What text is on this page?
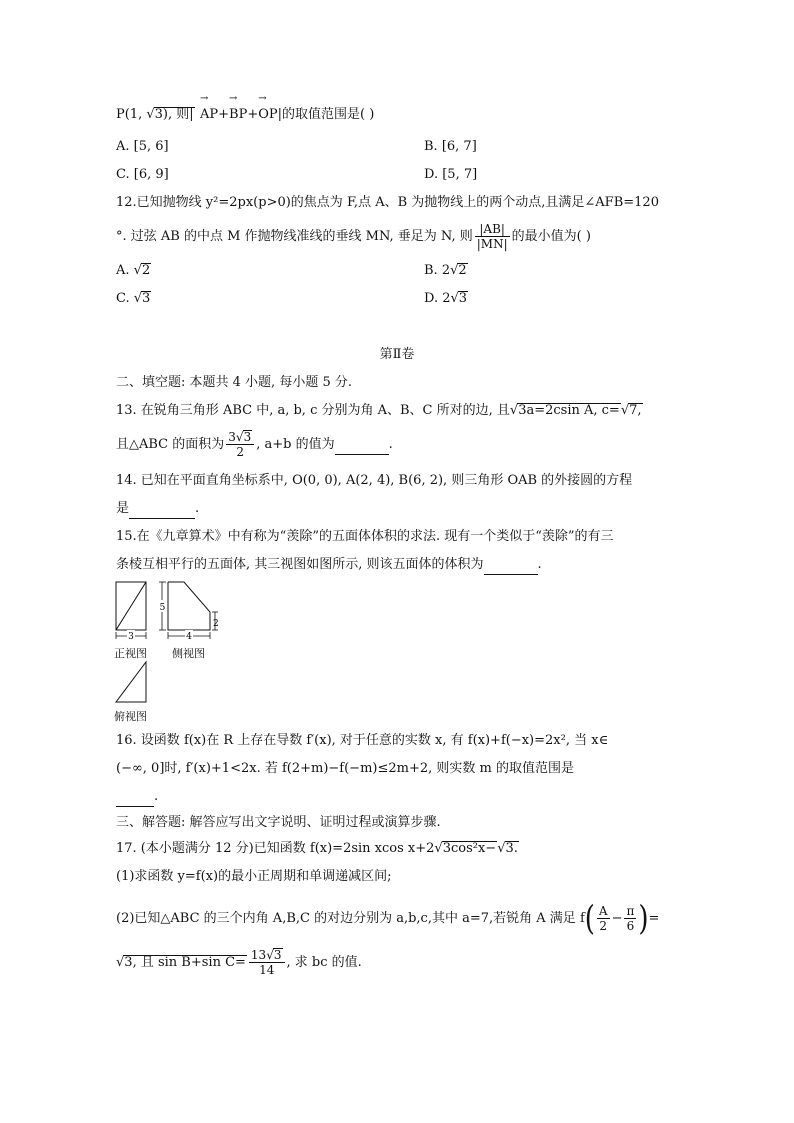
P(1, √3), 则|
→ AP+→ BP+→ OP|的取值范围是( )
A. [5, 6]	B. [6, 7]
C. [6, 9]	D. [5, 7]
12.已知抛物线 y²=2px(p>0)的焦点为 F,点 A、B 为抛物线上的两个动点,且满足∠AFB=120
°. 过弦 AB 的中点 M 作抛物线准线的垂线 MN, 垂足为 N, 则 $\frac{|AB|}{|MN|}$ 的最小值为( )
A. √2	B. 2√2
C. √3	D. 2√3
第Ⅱ卷
二、填空题: 本题共 4 小题, 每小题 5 分.
13. 在锐角三角形 ABC 中, a, b, c 分别为角 A、B、C 所对的边, 且√3a=2csin A, c=√7,
且△ABC 的面积为 $\frac{3√3}{2}$ , a+b 的值为	.
14. 已知在平面直角坐标系中, O(0, 0), A(2, 4), B(6, 2), 则三角形 OAB 的外接圆的方程
是	.
15.在《九章算术》中有称为“羡除”的五面体体积的求法. 现有一个类似于“羡除”的有三
条棱互相平行的五面体, 其三视图如图所示, 则该五面体的体积为	.
3
5
4
2
正视图 侧视图
俯视图
16. 设函数 f(x)在 R 上存在导数 f′(x), 对于任意的实数 x, 有 f(x)+f(−x)=2x², 当 x∈
(−∞, 0]时, f′(x)+1<2x. 若 f(2+m)−f(−m)≤2m+2, 则实数 m 的取值范围是
.
三、解答题: 解答应写出文字说明、证明过程或演算步骤.
17. (本小题满分 12 分)已知函数 f(x)=2sin xcos x+2√3cos²x−√3.
(1)求函数 y=f(x)的最小正周期和单调递减区间;
(2)已知△ABC 的三个内角 A,B,C 的对边分别为 a,b,c,其中 a=7,若锐角 A 满足 $f( \frac{A}{2} - \frac{\pi}{6}$ )=
√3, 且 sin B+sin $C= \frac{13√3}{14}$ , 求 bc 的值.
